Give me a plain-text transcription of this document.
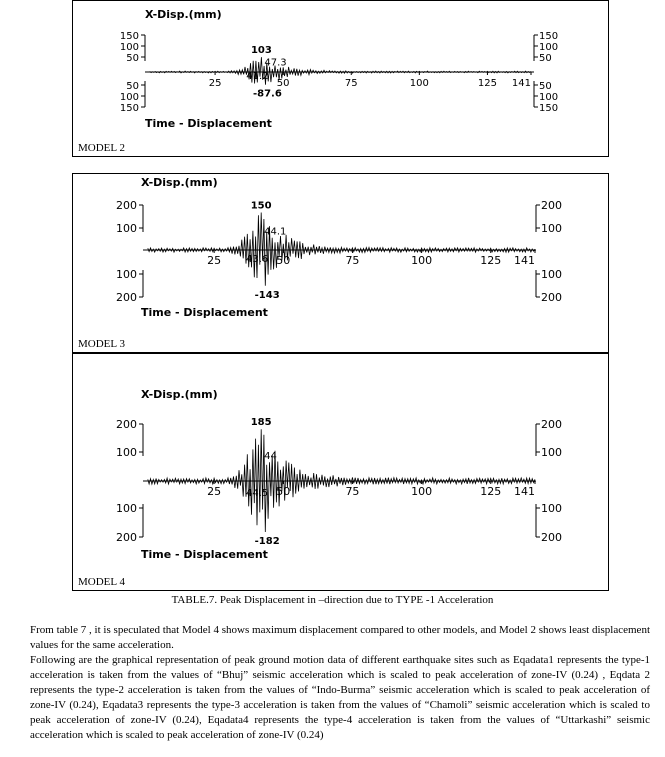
X-Disp.(mm)
Time - Displacement
150
100
50
50
100
150
150
100
50
50
100
150
25	50	75	100	125 141
103
47.3
41.2
-87.6
MODEL 2
X-Disp.(mm)
Time - Displacement
200
100
100
200
200
100
100
200
25	50	75	100	125 141
150
44.1
43.6
-143
MODEL 3
X-Disp.(mm)
Time - Displacement
200
100
100
200
200
100
100
200
25	50	75	100	125 141
185
44
44.5
-182
MODEL 4
TABLE.7. Peak Displacement in –direction due to TYPE -1 Acceleration

From table 7 , it is speculated that Model 4 shows maximum displacement compared to other models, and Model 2 shows least displacement values for the same acceleration.

Following are the graphical representation of peak ground motion data of different earthquake sites such as Eqadata1 represents the type-1 acceleration is taken from the values of “Bhuj” seismic acceleration which is scaled to peak acceleration of zone-IV (0.24) , Eqdata 2 represents the type-2 acceleration is taken from the values of “Indo-Burma” seismic acceleration which is scaled to peak acceleration of zone-IV (0.24), Eqadata3 represents the type-3 acceleration is taken from the values of “Chamoli” seismic acceleration which is scaled to peak acceleration of zone-IV (0.24), Eqadata4 represents the type-4 acceleration is taken from the values of “Uttarkashi” seismic acceleration which is scaled to peak acceleration of zone-IV (0.24)
